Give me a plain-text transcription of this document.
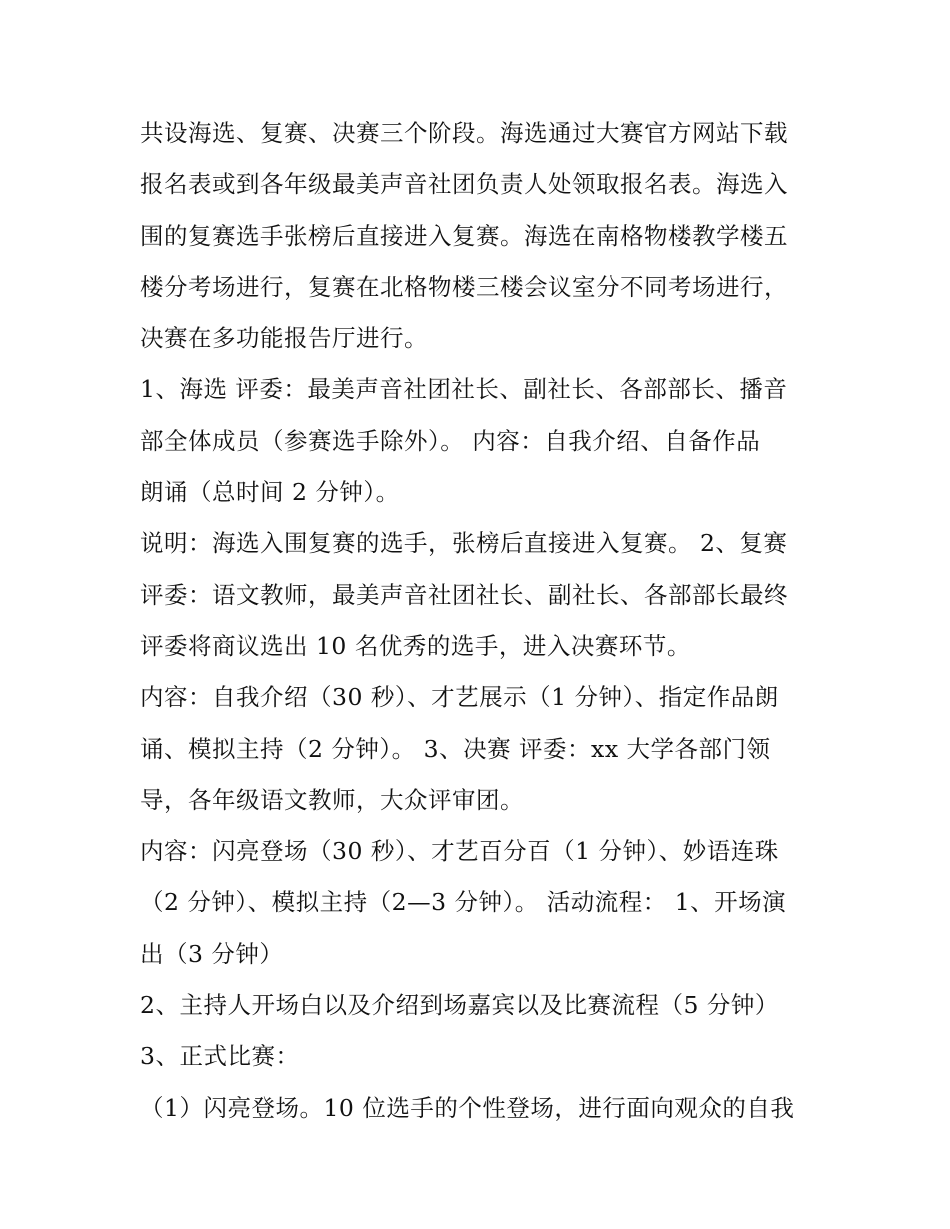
共设海选、复赛、决赛三个阶段。海选通过大赛官方网站下载

报名表或到各年级最美声音社团负责人处领取报名表。海选入

围的复赛选手张榜后直接进入复赛。海选在南格物楼教学楼五

楼分考场进行，复赛在北格物楼三楼会议室分不同考场进行，

决赛在多功能报告厅进行。

1、海选 评委：最美声音社团社长、副社长、各部部长、播音

部全体成员（参赛选手除外）。 内容：自我介绍、自备作品

朗诵（总时间 2 分钟）。

说明：海选入围复赛的选手，张榜后直接进入复赛。 2、复赛

评委：语文教师，最美声音社团社长、副社长、各部部长最终

评委将商议选出 10 名优秀的选手，进入决赛环节。

内容：自我介绍（30 秒）、才艺展示（1 分钟）、指定作品朗

诵、模拟主持（2 分钟）。 3、决赛 评委：xx 大学各部门领

导，各年级语文教师，大众评审团。

内容：闪亮登场（30 秒）、才艺百分百（1 分钟）、妙语连珠

（2 分钟）、模拟主持（2—3 分钟）。 活动流程： 1、开场演

出（3 分钟）

2、主持人开场白以及介绍到场嘉宾以及比赛流程（5 分钟）

3、正式比赛：

（1）闪亮登场。10 位选手的个性登场，进行面向观众的自我
